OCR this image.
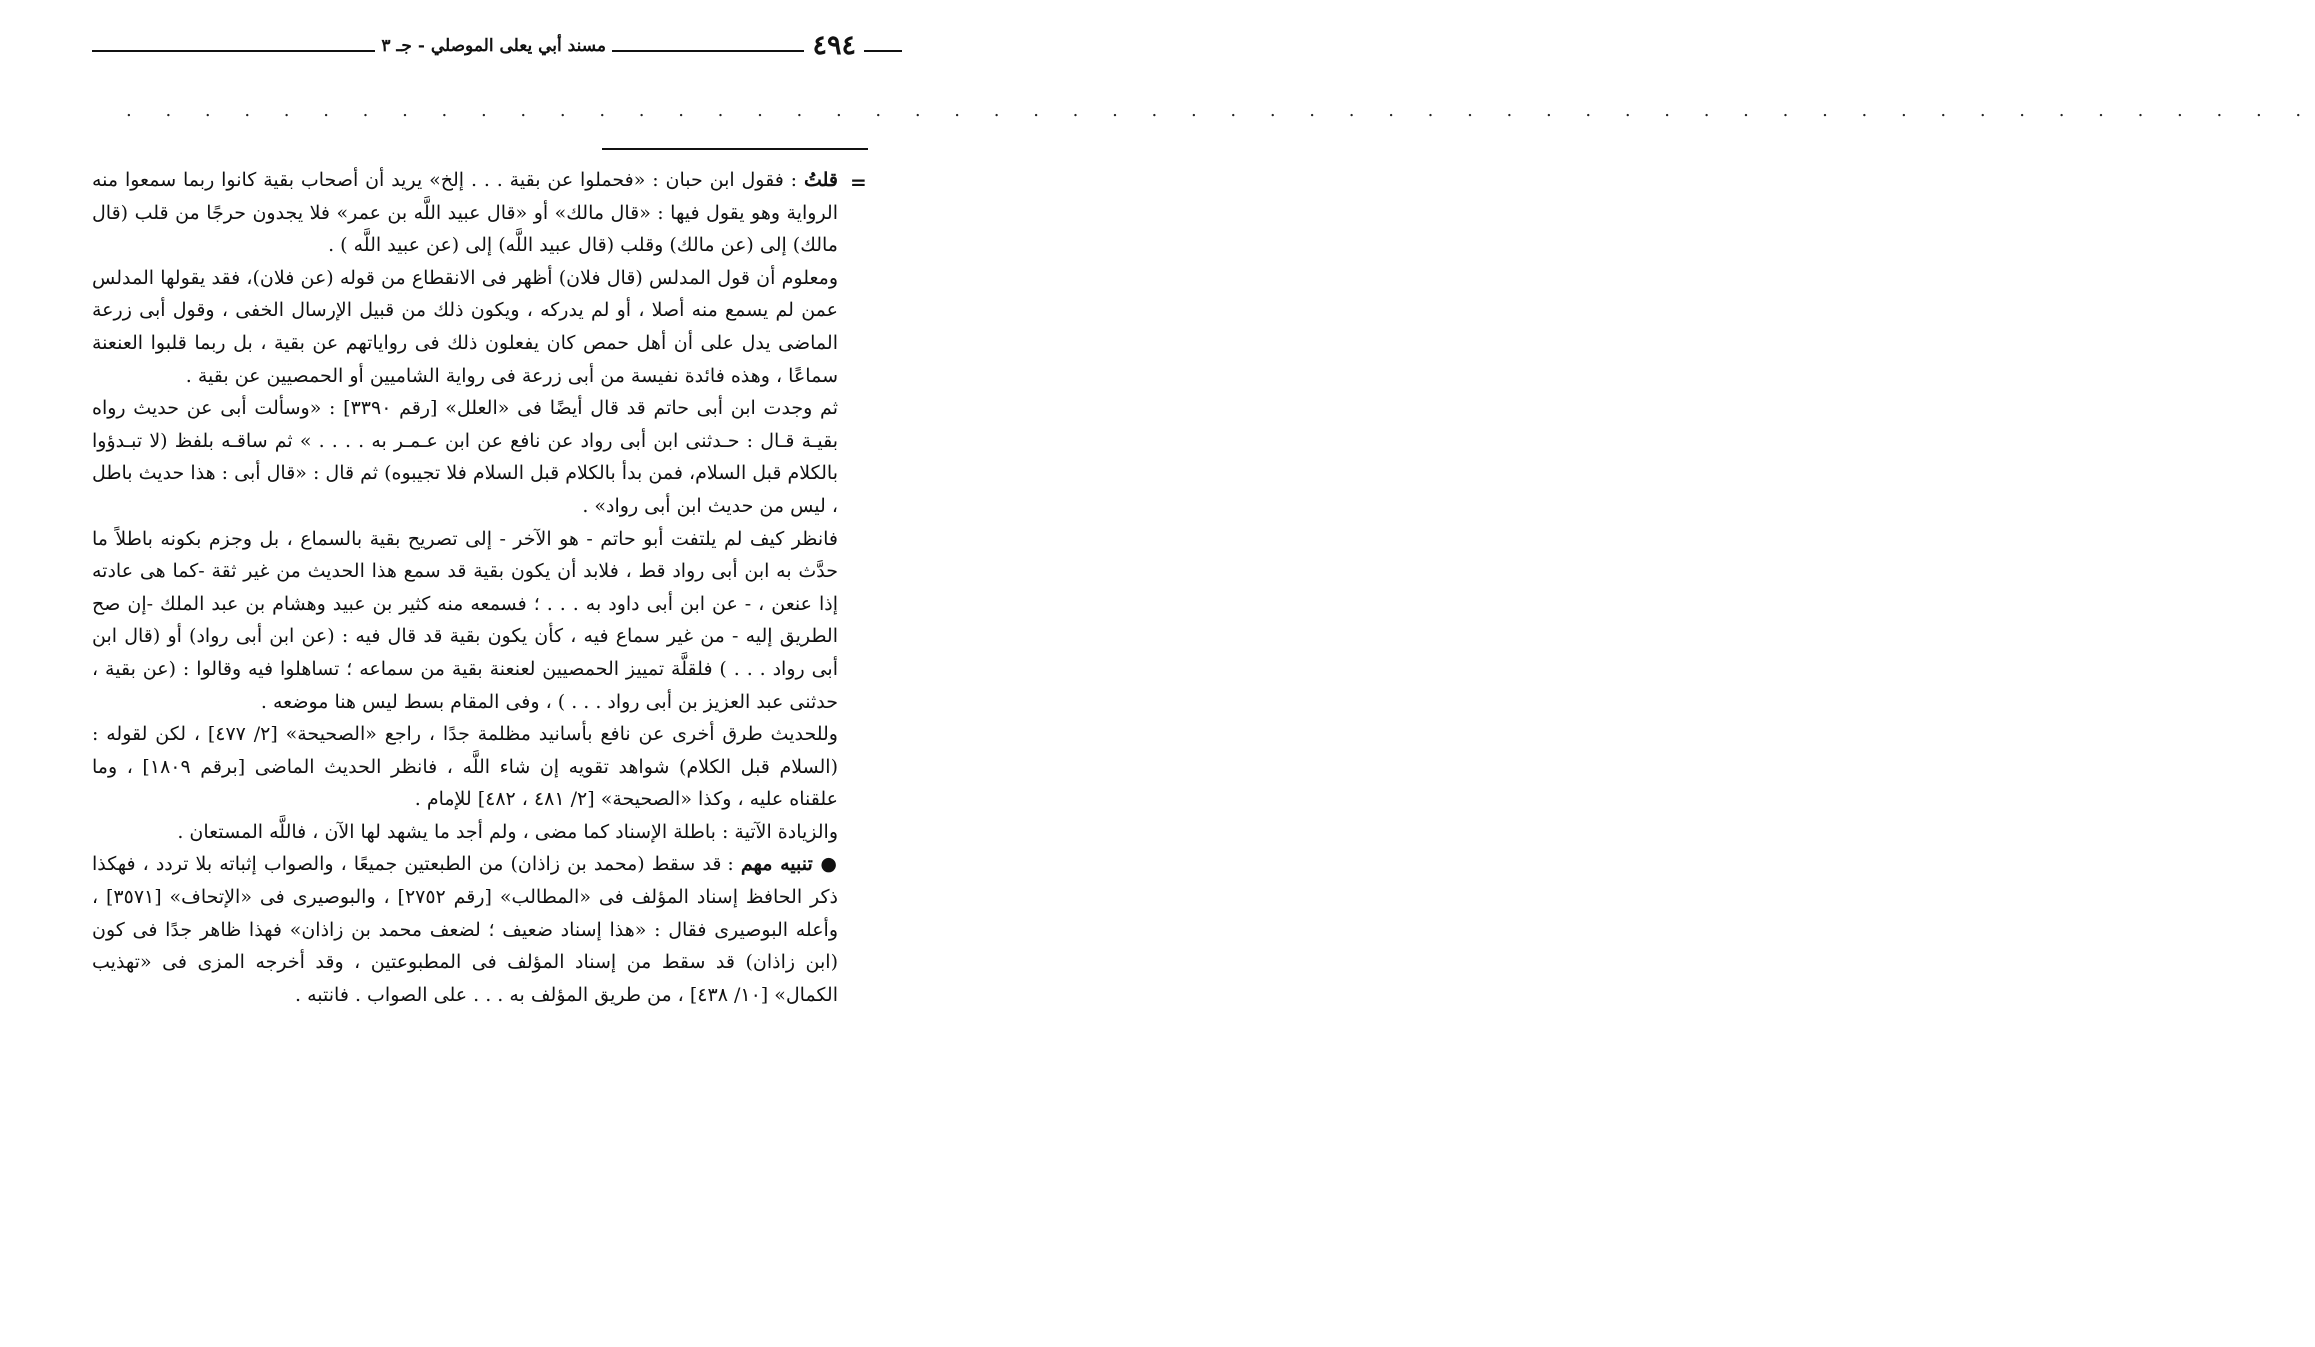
٤٩٤
مسند أبي يعلى الموصلي - جـ ٣
. . . . . . . . . . . . . . . . . . . . . . . . . . . . . . . . . . . . . . . . . . . . . . . . . . . . . . . .
=

قلتُ : فقول ابن حبان : «فحملوا عن بقية . . . إلخ» يريد أن أصحاب بقية كانوا ربما سمعوا منه الرواية وهو يقول فيها : «قال مالك» أو «قال عبيد اللَّه بن عمر» فلا يجدون حرجًا من قلب (قال مالك) إلى (عن مالك) وقلب (قال عبيد اللَّه) إلى (عن عبيد اللَّه ) .

ومعلوم أن قول المدلس (قال فلان) أظهر فى الانقطاع من قوله (عن فلان)، فقد يقولها المدلس عمن لم يسمع منه أصلا ، أو لم يدركه ، ويكون ذلك من قبيل الإرسال الخفى ، وقول أبى زرعة الماضى يدل على أن أهل حمص كان يفعلون ذلك فى رواياتهم عن بقية ، بل ربما قلبوا العنعنة سماعًا ، وهذه فائدة نفيسة من أبى زرعة فى رواية الشاميين أو الحمصيين عن بقية .

ثم وجدت ابن أبى حاتم قد قال أيضًا فى «العلل» [رقم ٣٣٩٠] : «وسألت أبى عن حديث رواه بقيـة قـال : حـدثنى ابن أبى رواد عن نافع عن ابن عـمـر به . . . . » ثم ساقـه بلفظ (لا تبـدؤوا بالكلام قبل السلام، فمن بدأ بالكلام قبل السلام فلا تجيبوه) ثم قال : «قال أبى : هذا حديث باطل ، ليس من حديث ابن أبى رواد» .

فانظر كيف لم يلتفت أبو حاتم - هو الآخر - إلى تصريح بقية بالسماع ، بل وجزم بكونه باطلاً ما حدَّث به ابن أبى رواد قط ، فلابد أن يكون بقية قد سمع هذا الحديث من غير ثقة -كما هى عادته إذا عنعن ، - عن ابن أبى داود به . . . ؛ فسمعه منه كثير بن عبيد وهشام بن عبد الملك -إن صح الطريق إليه - من غير سماع فيه ، كأن يكون بقية قد قال فيه : (عن ابن أبى رواد) أو (قال ابن أبى رواد . . . ) فلقلَّة تمييز الحمصيين لعنعنة بقية من سماعه ؛ تساهلوا فيه وقالوا : (عن بقية ، حدثنى عبد العزيز بن أبى رواد . . . ) ، وفى المقام بسط ليس هنا موضعه .

وللحديث طرق أخرى عن نافع بأسانيد مظلمة جدًا ، راجع «الصحيحة» [٢/ ٤٧٧] ، لكن لقوله : (السلام قبل الكلام) شواهد تقويه إن شاء اللَّه ، فانظر الحديث الماضى [برقم ١٨٠٩] ، وما علقناه عليه ، وكذا «الصحيحة» [٢/ ٤٨١ ، ٤٨٢] للإمام .

والزيادة الآتية : باطلة الإسناد كما مضى ، ولم أجد ما يشهد لها الآن ، فاللَّه المستعان .

● تنبيه مهم : قد سقط (محمد بن زاذان) من الطبعتين جميعًا ، والصواب إثباته بلا تردد ، فهكذا ذكر الحافظ إسناد المؤلف فى «المطالب» [رقم ٢٧٥٢] ، والبوصيرى فى «الإتحاف» [٣٥٧١] ، وأعله البوصيرى فقال : «هذا إسناد ضعيف ؛ لضعف محمد بن زاذان» فهذا ظاهر جدًا فى كون (ابن زاذان) قد سقط من إسناد المؤلف فى المطبوعتين ، وقد أخرجه المزى فى «تهذيب الكمال» [١٠/ ٤٣٨] ، من طريق المؤلف به . . . على الصواب . فانتبه .
